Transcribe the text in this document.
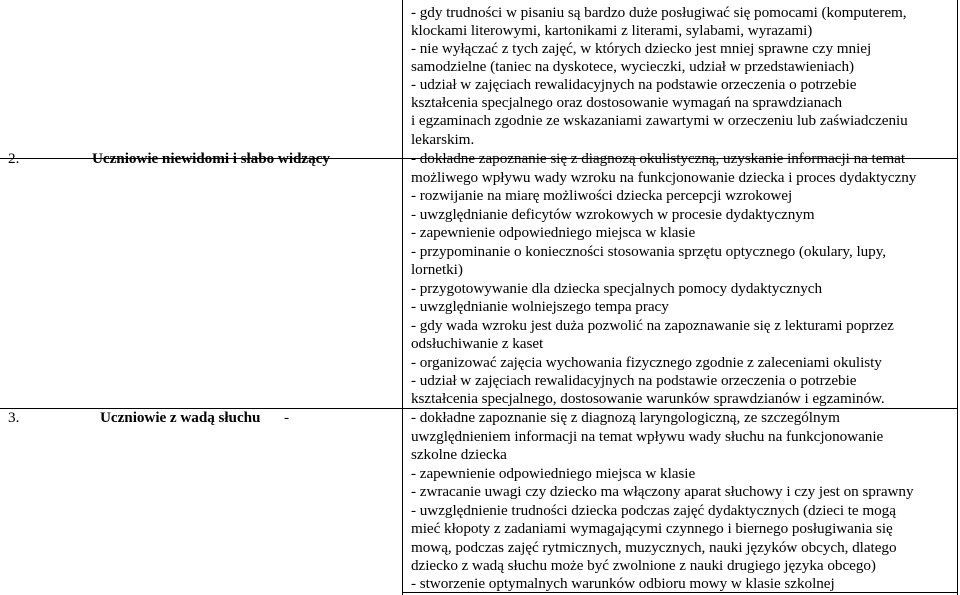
- gdy trudności w pisaniu są bardzo duże posługiwać się pomocami (komputerem,
klockami literowymi, kartonikami z literami, sylabami, wyrazami)
- nie wyłączać z tych zajęć, w których dziecko jest mniej sprawne czy mniej
samodzielne (taniec na dyskotece, wycieczki, udział w przedstawieniach)
- udział w zajęciach rewalidacyjnych na podstawie orzeczenia o potrzebie
kształcenia specjalnego oraz dostosowanie wymagań na sprawdzianach
i egzaminach zgodnie ze wskazaniami zawartymi w orzeczeniu lub zaświadczeniu
lekarskim.
2.	Uczniowie niewidomi i słabo widzący	- dokładne zapoznanie się z diagnozą okulistyczną, uzyskanie informacji na temat
możliwego wpływu wady wzroku na funkcjonowanie dziecka i proces dydaktyczny
- rozwijanie na miarę możliwości dziecka percepcji wzrokowej
- uwzględnianie deficytów wzrokowych w procesie dydaktycznym
- zapewnienie odpowiedniego miejsca w klasie
- przypominanie o konieczności stosowania sprzętu optycznego (okulary, lupy,
lornetki)
- przygotowywanie dla dziecka specjalnych pomocy dydaktycznych
- uwzględnianie wolniejszego tempa pracy
- gdy wada wzroku jest duża pozwolić na zapoznawanie się z lekturami poprzez
odsłuchiwanie z kaset
- organizować zajęcia wychowania fizycznego zgodnie z zaleceniami okulisty
- udział w zajęciach rewalidacyjnych na podstawie orzeczenia o potrzebie
kształcenia specjalnego, dostosowanie warunków sprawdzianów i egzaminów.
3.	Uczniowie z wadą słuchu -	- dokładne zapoznanie się z diagnozą laryngologiczną, ze szczególnym
uwzględnieniem informacji na temat wpływu wady słuchu na funkcjonowanie
szkolne dziecka
- zapewnienie odpowiedniego miejsca w klasie
- zwracanie uwagi czy dziecko ma włączony aparat słuchowy i czy jest on sprawny
- uwzględnienie trudności dziecka podczas zajęć dydaktycznych (dzieci te mogą
mieć kłopoty z zadaniami wymagającymi czynnego i biernego posługiwania się
mową, podczas zajęć rytmicznych, muzycznych, nauki języków obcych, dlatego
dziecko z wadą słuchu może być zwolnione z nauki drugiego języka obcego)
- stworzenie optymalnych warunków odbioru mowy w klasie szkolnej
